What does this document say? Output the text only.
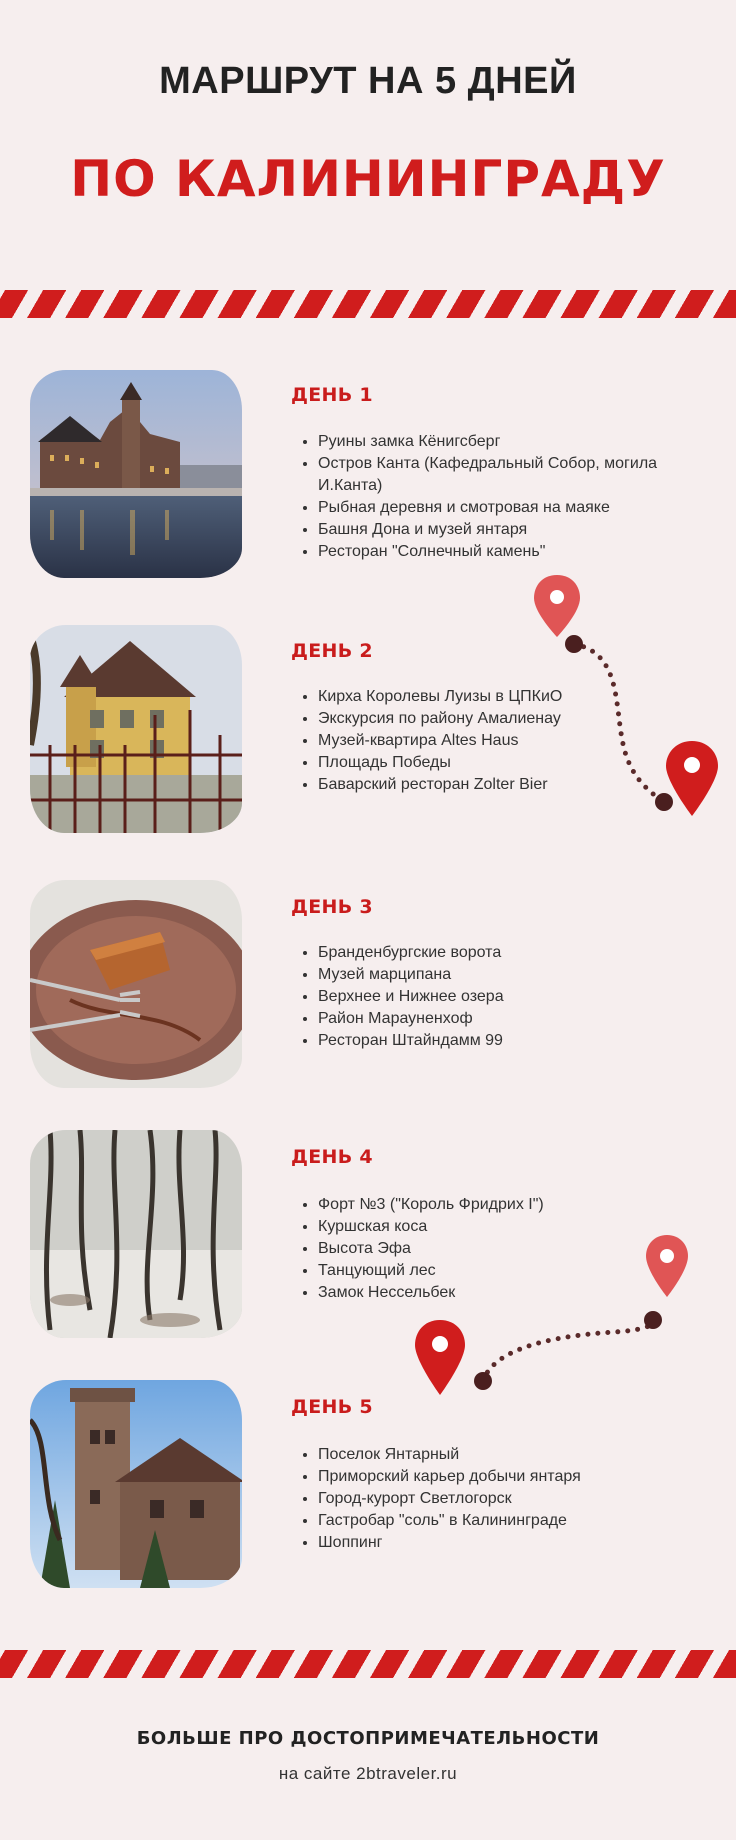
МАРШРУТ НА 5 ДНЕЙ
ПО КАЛИНИНГРАДУ
ДЕНЬ 1
• Руины замка Кёнигсберг
• Остров Канта (Кафедральный Собор, могила И.Канта)
• Рыбная деревня и смотровая на маяке
• Башня Дона и музей янтаря
• Ресторан "Солнечный камень"
ДЕНЬ 2
• Кирха Королевы Луизы в ЦПКиО
• Экскурсия по району Амалиенау
• Музей-квартира Altes Haus
• Площадь Победы
• Баварский ресторан Zolter Bier
ДЕНЬ 3
• Бранденбургские ворота
• Музей марципана
• Верхнее и Нижнее озера
• Район Марауненхоф
• Ресторан Штайндамм 99
ДЕНЬ 4
• Форт №3 ("Король Фридрих I")
• Куршская коса
• Высота Эфа
• Танцующий лес
• Замок Нессельбек
ДЕНЬ 5
• Поселок Янтарный
• Приморский карьер добычи янтаря
• Город-курорт Светлогорск
• Гастробар "соль" в Калининграде
• Шоппинг
БОЛЬШЕ ПРО ДОСТОПРИМЕЧАТЕЛЬНОСТИ
на сайте 2btraveler.ru
